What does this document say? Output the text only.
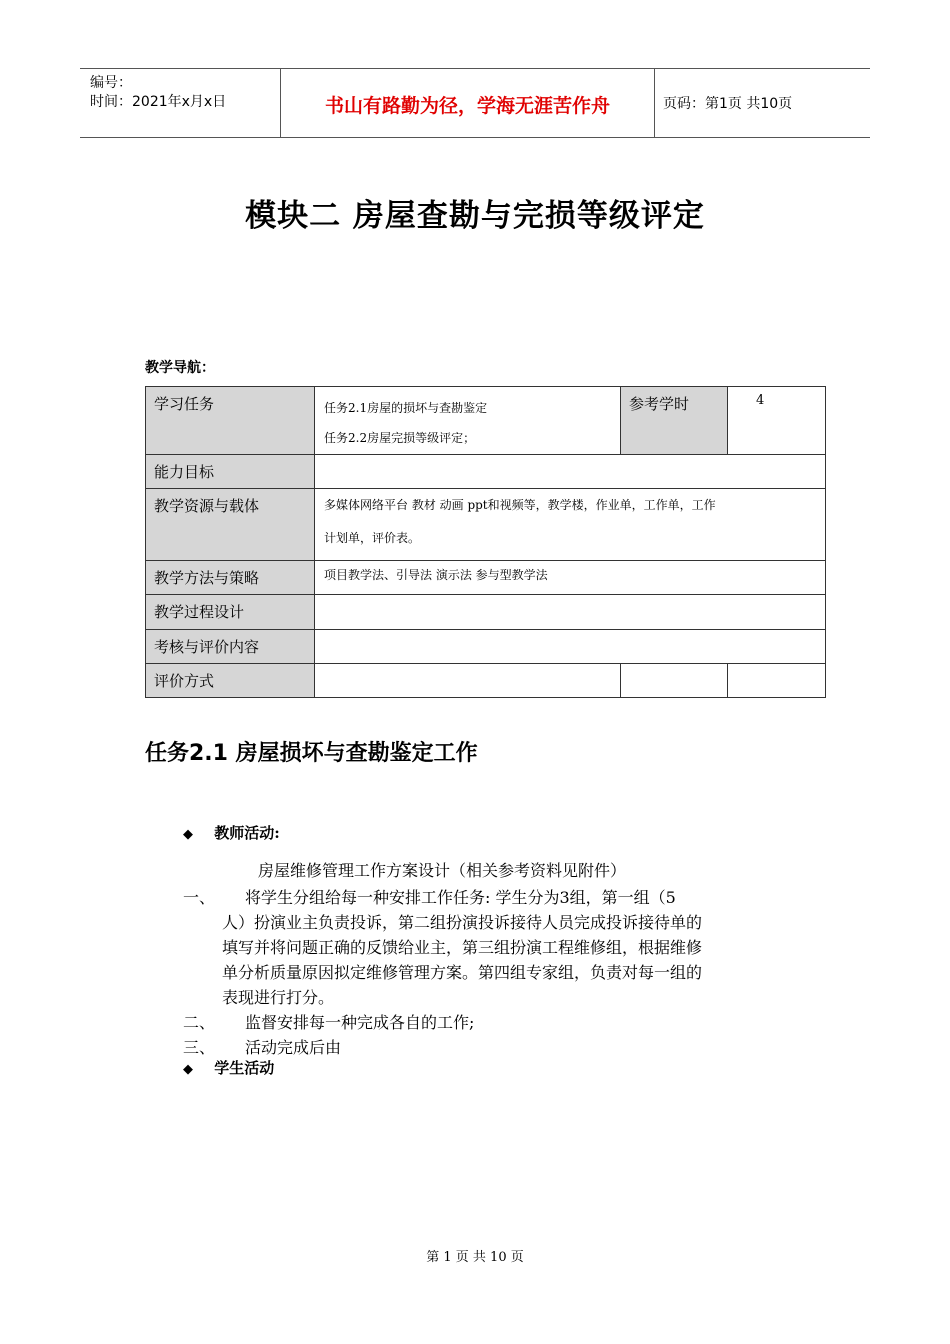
编号：
时间：2021年x月x日	书山有路勤为径，学海无涯苦作舟	页码：第1页 共10页
模块二 房屋查勘与完损等级评定
教学导航：
学习任务	任务2.1房屋的损坏与查勘鉴定
任务2.2房屋完损等级评定；	参考学时	4
能力目标			
教学资源与载体	多媒体网络平台 教材 动画 ppt和视频等，教学楼，作业单，工作单，工作
计划单，评价表。		

教学方法与策略	项目教学法、引导法 演示法 参与型教学法		
教学过程设计			
考核与评价内容			
评价方式			
任务2.1 房屋损坏与查勘鉴定工作
◆ 教师活动:
房屋维修管理工作方案设计（相关参考资料见附件）
一、 将学生分组给每一种安排工作任务: 学生分为3组，第一组（5
人）扮演业主负责投诉，第二组扮演投诉接待人员完成投诉接待单的
填写并将问题正确的反馈给业主，第三组扮演工程维修组，根据维修
单分析质量原因拟定维修管理方案。第四组专家组，负责对每一组的
表现进行打分。
二、 监督安排每一种完成各自的工作;
三、 活动完成后由
◆ 学生活动
第 1 页 共 10 页
